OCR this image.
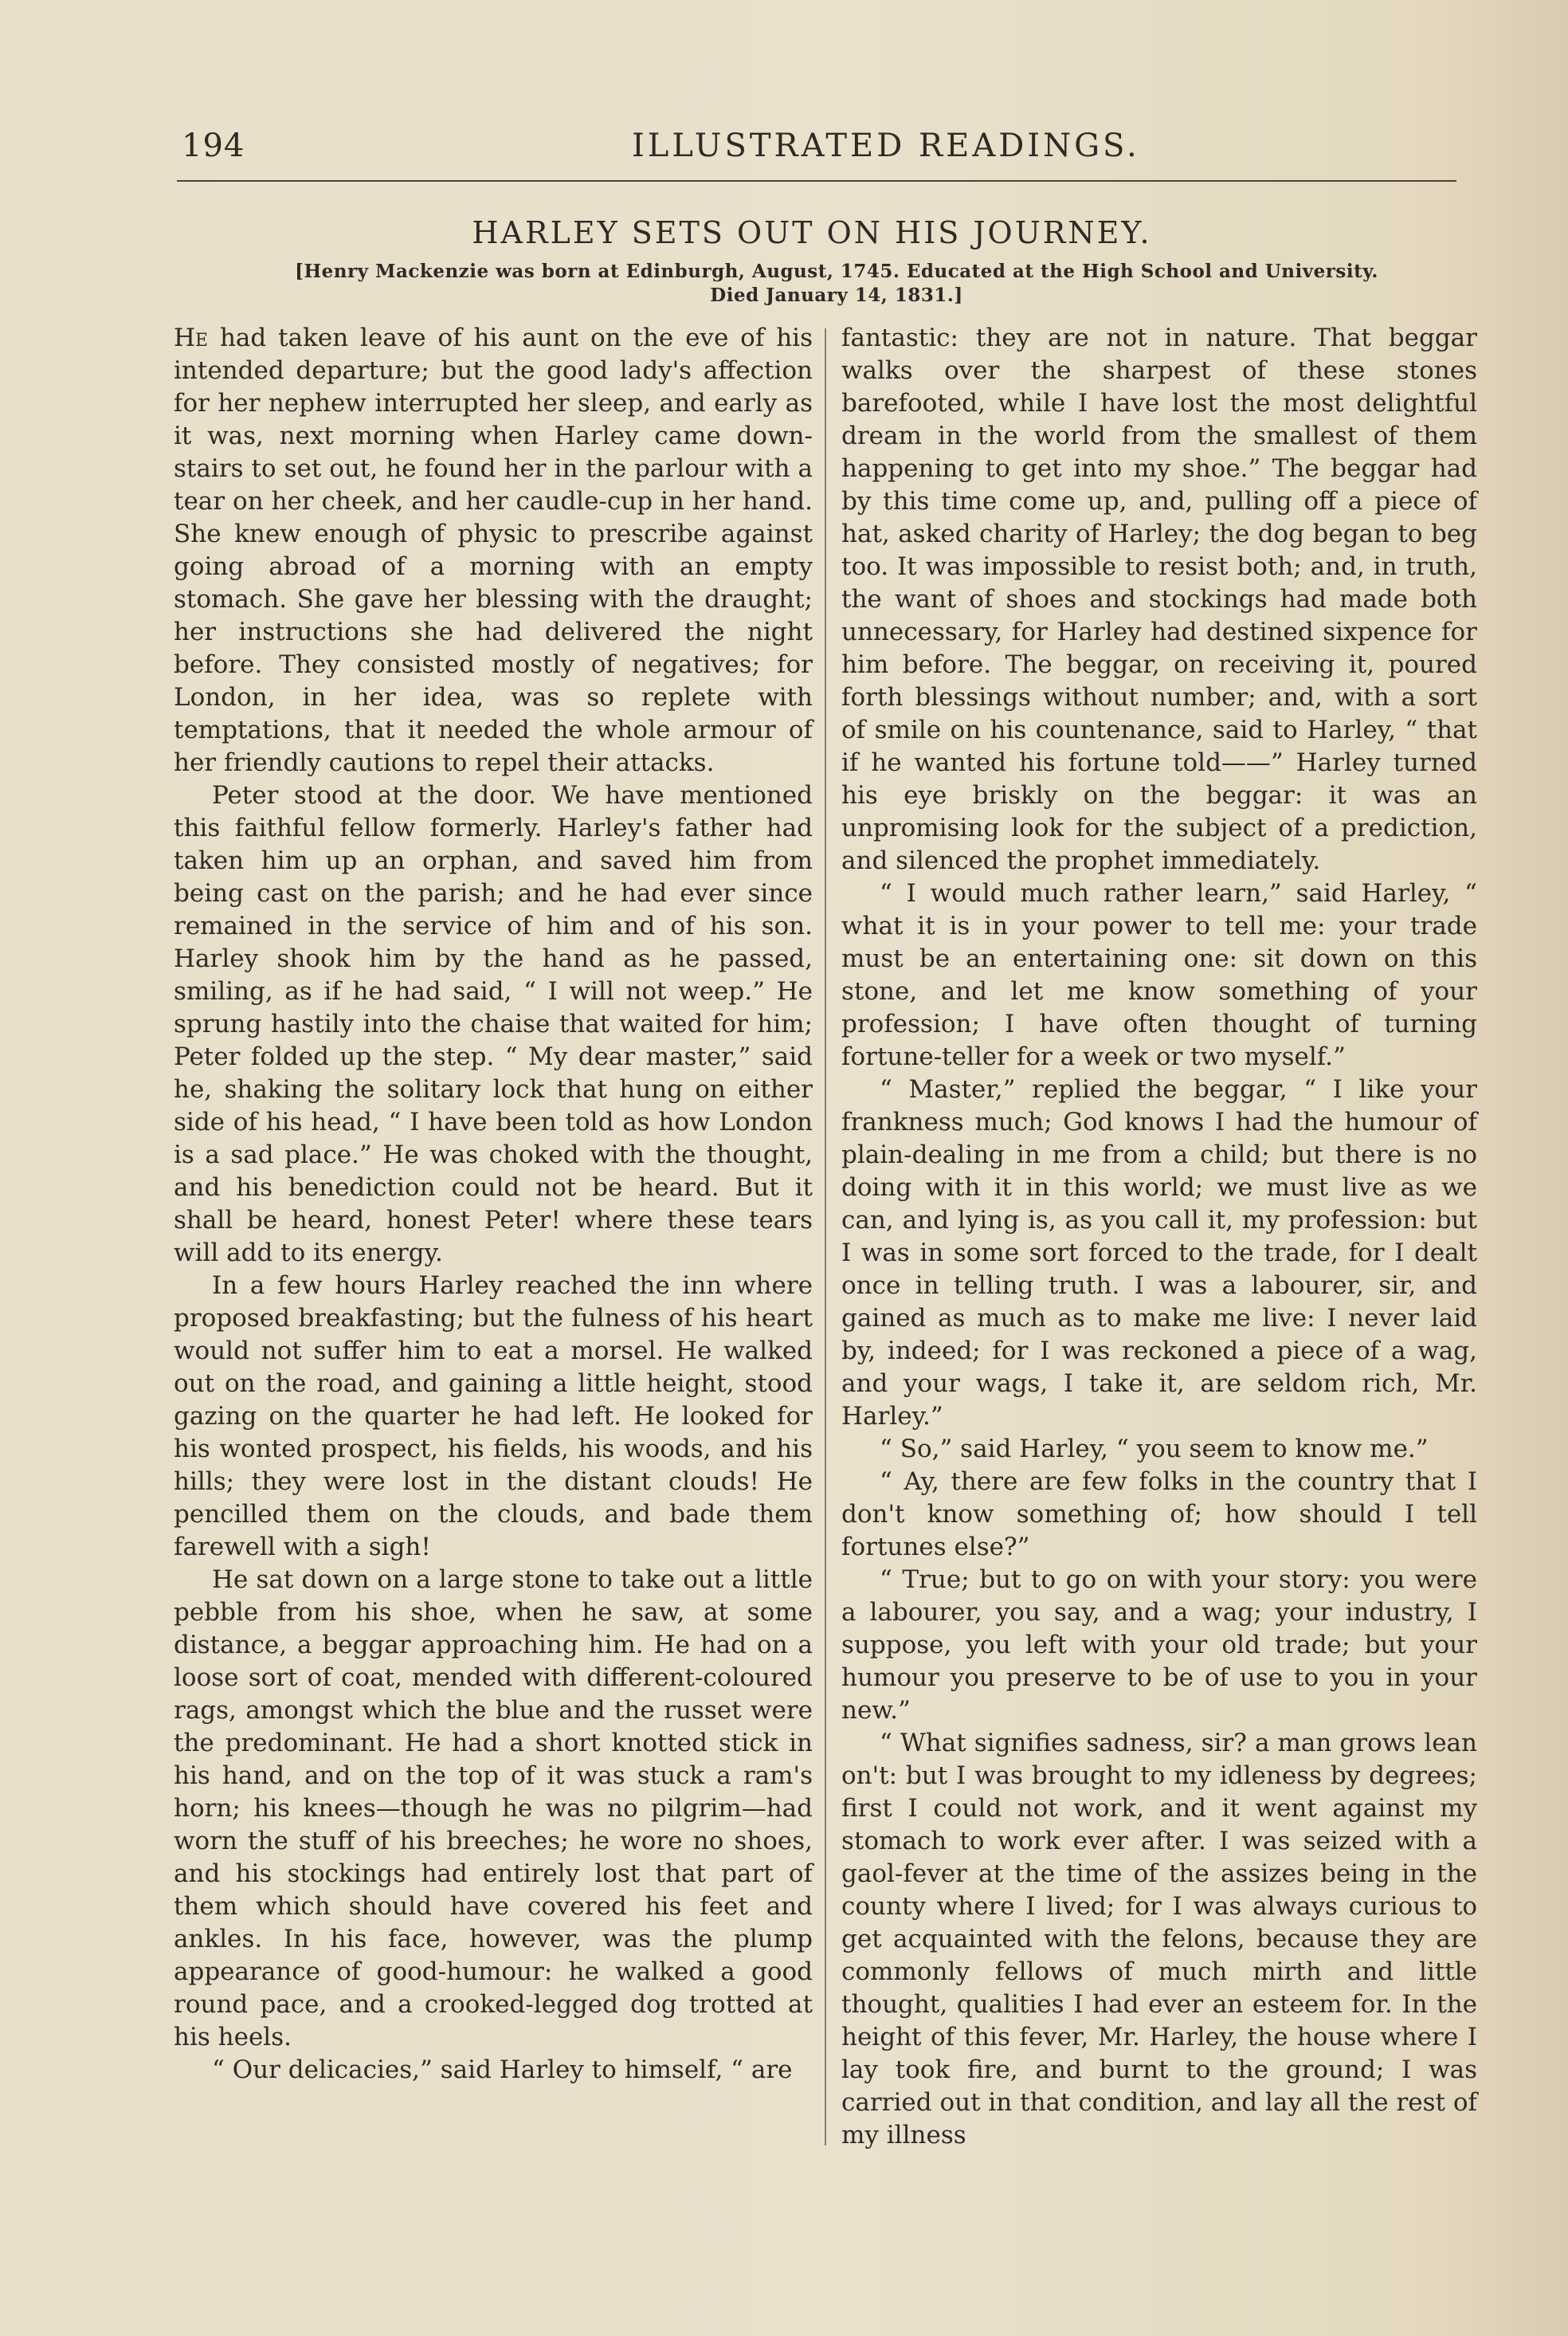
194	ILLUSTRATED READINGS.
HARLEY SETS OUT ON HIS JOURNEY.
[Henry Mackenzie was born at Edinburgh, August, 1745. Educated at the High School and University.
Died January 14, 1831.]

He had taken leave of his aunt on the eve of his intended departure; but the good lady's affection for her nephew interrupted her sleep, and early as it was, next morning when Harley came down-stairs to set out, he found her in the parlour with a tear on her cheek, and her caudle-cup in her hand. She knew enough of physic to prescribe against going abroad of a morning with an empty stomach. She gave her blessing with the draught; her instructions she had delivered the night before. They consisted mostly of negatives; for London, in her idea, was so replete with temptations, that it needed the whole armour of her friendly cautions to repel their attacks.

Peter stood at the door. We have mentioned this faithful fellow formerly. Harley's father had taken him up an orphan, and saved him from being cast on the parish; and he had ever since remained in the service of him and of his son. Harley shook him by the hand as he passed, smiling, as if he had said, “ I will not weep.” He sprung hastily into the chaise that waited for him; Peter folded up the step. “ My dear master,” said he, shaking the solitary lock that hung on either side of his head, “ I have been told as how London is a sad place.” He was choked with the thought, and his benediction could not be heard. But it shall be heard, honest Peter! where these tears will add to its energy.

In a few hours Harley reached the inn where proposed breakfasting; but the fulness of his heart would not suffer him to eat a morsel. He walked out on the road, and gaining a little height, stood gazing on the quarter he had left. He looked for his wonted prospect, his fields, his woods, and his hills; they were lost in the distant clouds! He pencilled them on the clouds, and bade them farewell with a sigh!

He sat down on a large stone to take out a little pebble from his shoe, when he saw, at some distance, a beggar approaching him. He had on a loose sort of coat, mended with different-coloured rags, amongst which the blue and the russet were the predominant. He had a short knotted stick in his hand, and on the top of it was stuck a ram's horn; his knees—though he was no pilgrim—had worn the stuff of his breeches; he wore no shoes, and his stockings had entirely lost that part of them which should have covered his feet and ankles. In his face, however, was the plump appearance of good-humour: he walked a good round pace, and a crooked-legged dog trotted at his heels.

“ Our delicacies,” said Harley to himself, “ are

fantastic: they are not in nature. That beggar walks over the sharpest of these stones barefooted, while I have lost the most delightful dream in the world from the smallest of them happening to get into my shoe.” The beggar had by this time come up, and, pulling off a piece of hat, asked charity of Harley; the dog began to beg too. It was impossible to resist both; and, in truth, the want of shoes and stockings had made both unnecessary, for Harley had destined sixpence for him before. The beggar, on receiving it, poured forth blessings without number; and, with a sort of smile on his countenance, said to Harley, “ that if he wanted his fortune told——” Harley turned his eye briskly on the beggar: it was an unpromising look for the subject of a prediction, and silenced the prophet immediately.

“ I would much rather learn,” said Harley, “ what it is in your power to tell me: your trade must be an entertaining one: sit down on this stone, and let me know something of your profession; I have often thought of turning fortune-teller for a week or two myself.”

“ Master,” replied the beggar, “ I like your frankness much; God knows I had the humour of plain-dealing in me from a child; but there is no doing with it in this world; we must live as we can, and lying is, as you call it, my profession: but I was in some sort forced to the trade, for I dealt once in telling truth. I was a labourer, sir, and gained as much as to make me live: I never laid by, indeed; for I was reckoned a piece of a wag, and your wags, I take it, are seldom rich, Mr. Harley.”

“ So,” said Harley, “ you seem to know me.”

“ Ay, there are few folks in the country that I don't know something of; how should I tell fortunes else?”

“ True; but to go on with your story: you were a labourer, you say, and a wag; your industry, I suppose, you left with your old trade; but your humour you preserve to be of use to you in your new.”

“ What signifies sadness, sir? a man grows lean on't: but I was brought to my idleness by degrees; first I could not work, and it went against my stomach to work ever after. I was seized with a gaol-fever at the time of the assizes being in the county where I lived; for I was always curious to get acquainted with the felons, because they are commonly fellows of much mirth and little thought, qualities I had ever an esteem for. In the height of this fever, Mr. Harley, the house where I lay took fire, and burnt to the ground; I was carried out in that condition, and lay all the rest of my illness
